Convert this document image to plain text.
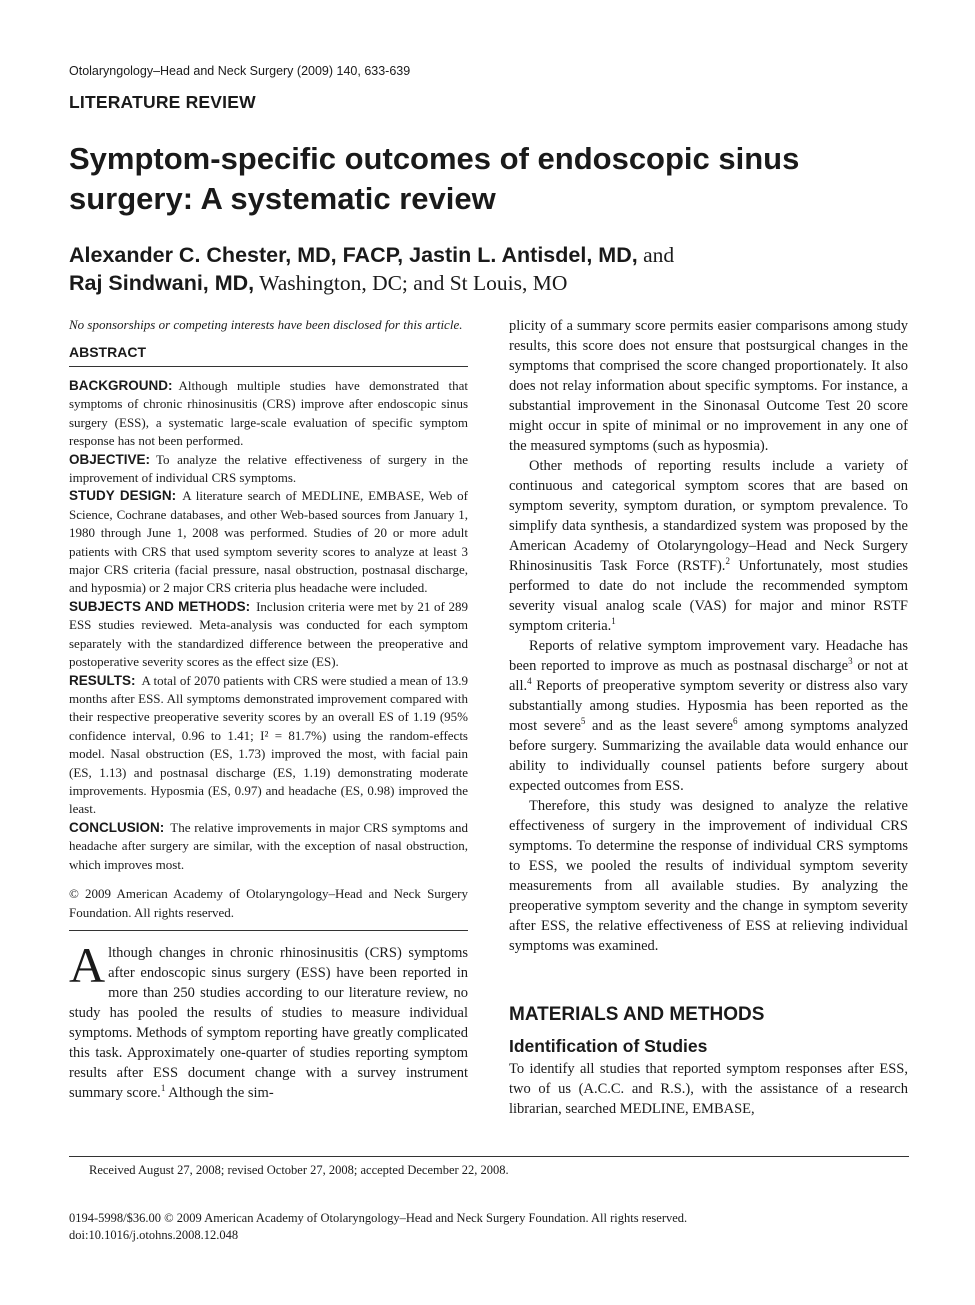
Otolaryngology–Head and Neck Surgery (2009) 140, 633-639
LITERATURE REVIEW
Symptom-specific outcomes of endoscopic sinus surgery: A systematic review
Alexander C. Chester, MD, FACP, Jastin L. Antisdel, MD, and
Raj Sindwani, MD, Washington, DC; and St Louis, MO

No sponsorships or competing interests have been disclosed for this article.

ABSTRACT

BACKGROUND: Although multiple studies have demonstrated that symptoms of chronic rhinosinusitis (CRS) improve after endoscopic sinus surgery (ESS), a systematic large-scale evaluation of specific symptom response has not been performed.

OBJECTIVE: To analyze the relative effectiveness of surgery in the improvement of individual CRS symptoms.

STUDY DESIGN: A literature search of MEDLINE, EMBASE, Web of Science, Cochrane databases, and other Web-based sources from January 1, 1980 through June 1, 2008 was performed. Studies of 20 or more adult patients with CRS that used symptom severity scores to analyze at least 3 major CRS criteria (facial pressure, nasal obstruction, postnasal discharge, and hyposmia) or 2 major CRS criteria plus headache were included.

SUBJECTS AND METHODS: Inclusion criteria were met by 21 of 289 ESS studies reviewed. Meta-analysis was conducted for each symptom separately with the standardized difference between the preoperative and postoperative severity scores as the effect size (ES).

RESULTS: A total of 2070 patients with CRS were studied a mean of 13.9 months after ESS. All symptoms demonstrated improvement compared with their respective preoperative severity scores by an overall ES of 1.19 (95% confidence interval, 0.96 to 1.41; I² = 81.7%) using the random-effects model. Nasal obstruction (ES, 1.73) improved the most, with facial pain (ES, 1.13) and postnasal discharge (ES, 1.19) demonstrating moderate improvements. Hyposmia (ES, 0.97) and headache (ES, 0.98) improved the least.

CONCLUSION: The relative improvements in major CRS symptoms and headache after surgery are similar, with the exception of nasal obstruction, which improves most.

© 2009 American Academy of Otolaryngology–Head and Neck Surgery Foundation. All rights reserved.

Although changes in chronic rhinosinusitis (CRS) symptoms after endoscopic sinus surgery (ESS) have been reported in more than 250 studies according to our literature review, no study has pooled the results of studies to measure individual symptoms. Methods of symptom reporting have greatly complicated this task. Approximately one-quarter of studies reporting symptom results after ESS document change with a survey instrument summary score.$^1$ Although the sim-

plicity of a summary score permits easier comparisons among study results, this score does not ensure that postsurgical changes in the symptoms that comprised the score changed proportionately. It also does not relay information about specific symptoms. For instance, a substantial improvement in the Sinonasal Outcome Test 20 score might occur in spite of minimal or no improvement in any one of the measured symptoms (such as hyposmia).

Other methods of reporting results include a variety of continuous and categorical symptom scores that are based on symptom severity, symptom duration, or symptom prevalence. To simplify data synthesis, a standardized system was proposed by the American Academy of Otolaryngology–Head and Neck Surgery Rhinosinusitis Task Force (RSTF).$^2$ Unfortunately, most studies performed to date do not include the recommended symptom severity visual analog scale (VAS) for major and minor RSTF symptom criteria.$^1$

Reports of relative symptom improvement vary. Headache has been reported to improve as much as postnasal discharge$^3$ or not at all.$^4$ Reports of preoperative symptom severity or distress also vary substantially among studies. Hyposmia has been reported as the most severe$^5$ and as the least severe$^6$ among symptoms analyzed before surgery. Summarizing the available data would enhance our ability to individually counsel patients before surgery about expected outcomes from ESS.

Therefore, this study was designed to analyze the relative effectiveness of surgery in the improvement of individual CRS symptoms. To determine the response of individual CRS symptoms to ESS, we pooled the results of individual symptom severity measurements from all available studies. By analyzing the preoperative symptom severity and the change in symptom severity after ESS, the relative effectiveness of ESS at relieving individual symptoms was examined.

MATERIALS AND METHODS
Identification of Studies

To identify all studies that reported symptom responses after ESS, two of us (A.C.C. and R.S.), with the assistance of a research librarian, searched MEDLINE, EMBASE,

Received August 27, 2008; revised October 27, 2008; accepted December 22, 2008.
0194-5998/$36.00 © 2009 American Academy of Otolaryngology–Head and Neck Surgery Foundation. All rights reserved.
doi:10.1016/j.otohns.2008.12.048
